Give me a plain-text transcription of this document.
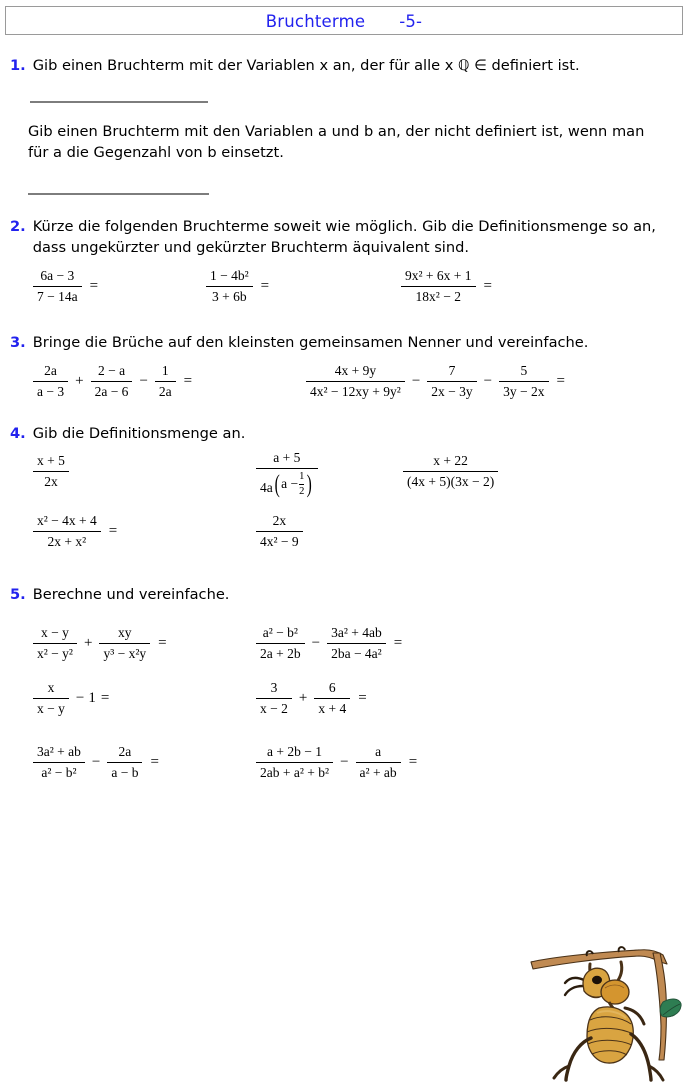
Bruchterme -5-
1. Gib einen Bruchterm mit der Variablen x an, der für alle x ℚ ∈ definiert ist.
Gib einen Bruchterm mit den Variablen a und b an, der nicht definiert ist, wenn man für a die Gegenzahl von b einsetzt.
2. Kürze die folgenden Bruchterme soweit wie möglich. Gib die Definitionsmenge so an, dass ungekürzter und gekürzter Bruchterm äquivalent sind.
$\frac{6a - 3}{7 - 14a}$ =	$\frac{\text{1 − 4b²}}{3 + 6b}$ =	$\frac{\text{9x² + 6x + 1}}{\text{18x² − 2}}$ =
3. Bringe die Brüche auf den kleinsten gemeinsamen Nenner und vereinfache.
$\frac{2a}{a - 3} + \frac{2 - a}{2a - 6} - \frac{1}{2a}$ =	$\frac{4x + 9y}{\text{4x² − 12xy + 9y²}} - \frac{7}{2x - 3y} - \frac{5}{3y - 2x}$ =
4. Gib die Definitionsmenge an.
$\frac{x + 5}{2x}$	$\frac{a + 5}{4a ( a - \frac{1}{2} )}$	$\frac{x + 22}{(4x + 5)(3x - 2)}$
$\frac{\text{x² − 4x + 4}}{\text{2x + x²}}$ =	$\frac{2x}{\text{4x² − 9}}$
5. Berechne und vereinfache.
$\frac{x - y}{\text{x² − y²}} + \frac{xy}{\text{y³ − x²y}}$ =	$\frac{\text{a² − b²}}{2a + 2b} - \frac{\text{3a² + 4ab}}{\text{2ba − 4a²}}$ =
$\frac{x}{x - y} - 1$ =	$\frac{3}{x - 2} + \frac{6}{x + 4}$ =
$\frac{\text{3a² + ab}}{\text{a² − b²}} - \frac{2a}{a - b}$ =	$\frac{a + 2b - 1}{\text{2ab + a² + b²}} - \frac{a}{\text{a² + ab}}$ =
